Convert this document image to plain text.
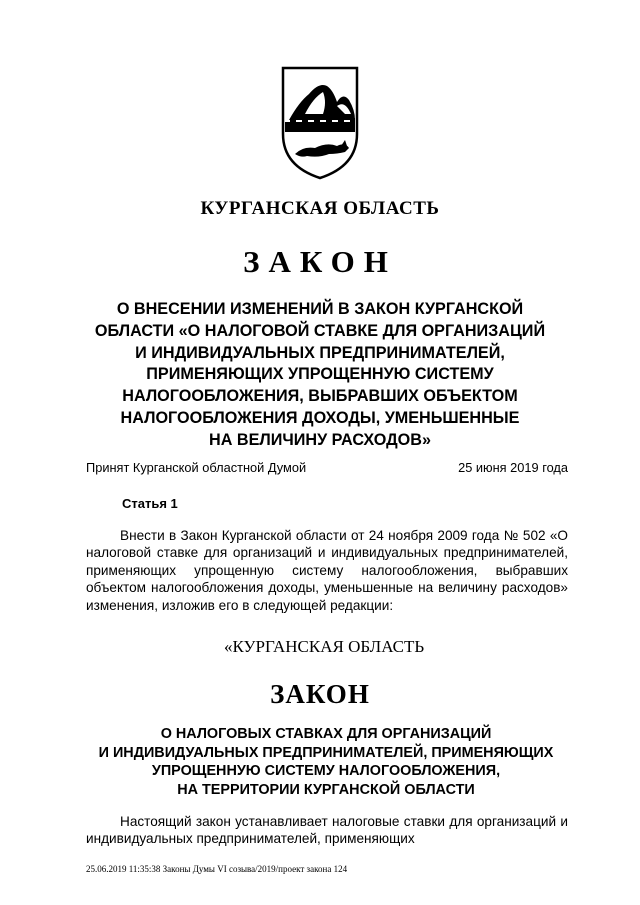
КУРГАНСКАЯ ОБЛАСТЬ
ЗАКОН
О ВНЕСЕНИИ ИЗМЕНЕНИЙ В ЗАКОН КУРГАНСКОЙ
ОБЛАСТИ «О НАЛОГОВОЙ СТАВКЕ ДЛЯ ОРГАНИЗАЦИЙ
И ИНДИВИДУАЛЬНЫХ ПРЕДПРИНИМАТЕЛЕЙ,
ПРИМЕНЯЮЩИХ УПРОЩЕННУЮ СИСТЕМУ
НАЛОГООБЛОЖЕНИЯ, ВЫБРАВШИХ ОБЪЕКТОМ
НАЛОГООБЛОЖЕНИЯ ДОХОДЫ, УМЕНЬШЕННЫЕ
НА ВЕЛИЧИНУ РАСХОДОВ»
Принят Курганской областной Думой	25 июня 2019 года
Статья 1
Внести в Закон Курганской области от 24 ноября 2009 года № 502 «О налоговой ставке для организаций и индивидуальных предпринимателей, применяющих упрощенную систему налогообложения, выбравших объектом налогообложения доходы, уменьшенные на величину расходов» изменения, изложив его в следующей редакции:
«КУРГАНСКАЯ ОБЛАСТЬ
ЗАКОН
О НАЛОГОВЫХ СТАВКАХ ДЛЯ ОРГАНИЗАЦИЙ
И ИНДИВИДУАЛЬНЫХ ПРЕДПРИНИМАТЕЛЕЙ, ПРИМЕНЯЮЩИХ
УПРОЩЕННУЮ СИСТЕМУ НАЛОГООБЛОЖЕНИЯ,
НА ТЕРРИТОРИИ КУРГАНСКОЙ ОБЛАСТИ
Настоящий закон устанавливает налоговые ставки для организаций и индивидуальных предпринимателей, применяющих
25.06.2019 11:35:38 Законы Думы VI созыва/2019/проект закона 124
